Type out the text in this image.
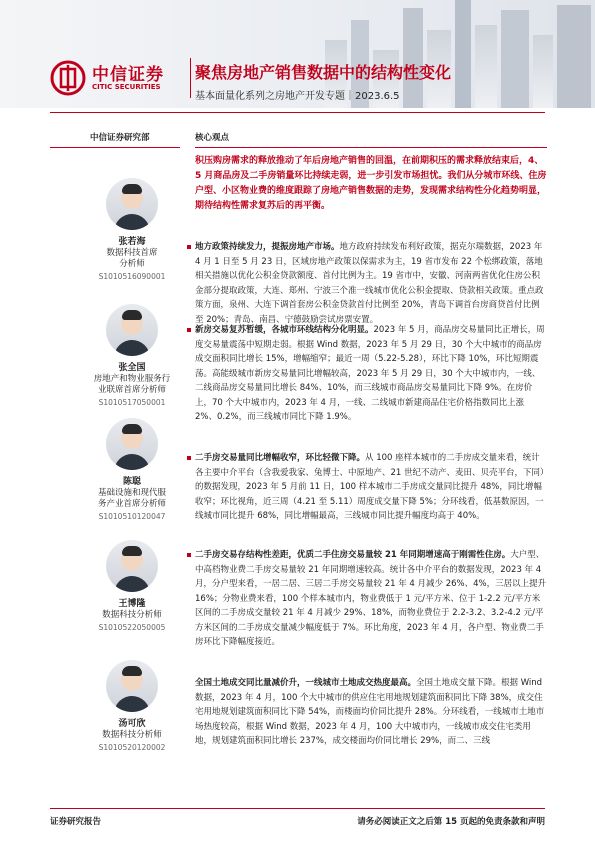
中信证券
CITIC SECURITIES
聚焦房地产销售数据中的结构性变化
基本面量化系列之房地产开发专题｜2023.6.5
中信证券研究部	核心观点
张若海
数据科技首席
分析师
S1010516090001
张全国
房地产和物业服务行
业联席首席分析师
S1010517050001
陈聪
基础设施和现代服
务产业首席分析师
S1010510120047
王博隆
数据科技分析师
S1010522050005
汤可欣
数据科技分析师
S1010520120002
积压购房需求的释放推动了年后房地产销售的回温，在前期积压的需求释放结束后，4、5 月商品房及二手房销量环比持续走弱，进一步引发市场担忧。我们从分城市环线、住房户型、小区物业费的维度跟踪了房地产销售数据的走势，发现需求结构性分化趋势明显，期待结构性需求复苏后的再平衡。
地方政策持续发力，提振房地产市场。地方政府持续发布利好政策，据克尔瑞数据，2023 年 4 月 1 日至 5 月 23 日，区域房地产政策以保需求为主，19 省市发布 22 个松绑政策，落地相关措施以优化公积金贷款额度、首付比例为主。19 省市中，安徽、河南两省优化住房公积金部分提取政策，大连、郑州、宁波三个准一线城市优化公积金提取、贷款相关政策。重点政策方面，泉州、大连下调首套房公积金贷款首付比例至 20%，青岛下调首台房商贷首付比例至 20%；青岛、南昌、宁德鼓励尝试房票安置。
新房交易复苏暂缓，各城市环线结构分化明显。2023 年 5 月，商品房交易量同比正增长，周度交易量震荡中短期走弱。根据 Wind 数据，2023 年 5 月 29 日，30 个大中城市的商品房成交面积同比增长 15%，增幅缩窄；最近一周（5.22-5.28），环比下降 10%，环比短期震荡。高能级城市新房交易量同比增幅较高，2023 年 5 月 29 日，30 个大中城市内，一线、二线商品房交易量同比增长 84%、10%，而三线城市商品房交易量同比下降 9%。在房价上，70 个大中城市内，2023 年 4 月，一线、二线城市新建商品住宅价格指数同比上涨 2%、0.2%，而三线城市同比下降 1.9%。
二手房交易量同比增幅收窄，环比轻微下降。从 100 座样本城市的二手房成交量来看，统计各主要中介平台（含我爱我家、兔博士、中原地产、21 世纪不动产、麦田、贝壳平台，下同）的数据发现，2023 年 5 月前 11 日，100 样本城市二手房成交量同比提升 48%，同比增幅收窄；环比视角，近三周（4.21 至 5.11）周度成交量下降 5%；分环线看，低基数原因，一线城市同比提升 68%，同比增幅最高，三线城市同比提升幅度均高于 40%。
二手房交易存结构性差距，优质二手住房交易量较 21 年同期增速高于刚需性住房。大户型、中高档物业费二手房交易量较 21 年同期增速较高。统计各中介平台的数据发现，2023 年 4 月，分户型来看，一居二居、三居二手房交易量较 21 年 4 月减少 26%、4%，三居以上提升 16%；分物业费来看，100 个样本城市内，物业费低于 1 元/平方米、位于 1-2.2 元/平方米区间的二手房成交量较 21 年 4 月减少 29%、18%，而物业费位于 2.2-3.2、3.2-4.2 元/平方米区间的二手房成交量减少幅度低于 7%。环比角度，2023 年 4 月，各户型、物业费二手房环比下降幅度接近。
全国土地成交同比量减价升，一线城市土地成交热度最高。全国土地成交量下降。根据 Wind 数据，2023 年 4 月，100 个大中城市的供应住宅用地规划建筑面积同比下降 38%，成交住宅用地规划建筑面积同比下降 54%，而楼面均价同比提升 28%。分环线看，一线城市土地市场热度较高，根据 Wind 数据，2023 年 4 月，100 大中城市内，一线城市成交住宅类用地，规划建筑面积同比增长 237%，成交楼面均价同比增长 29%，而二、三线
证券研究报告	请务必阅读正文之后第 15 页起的免责条款和声明
